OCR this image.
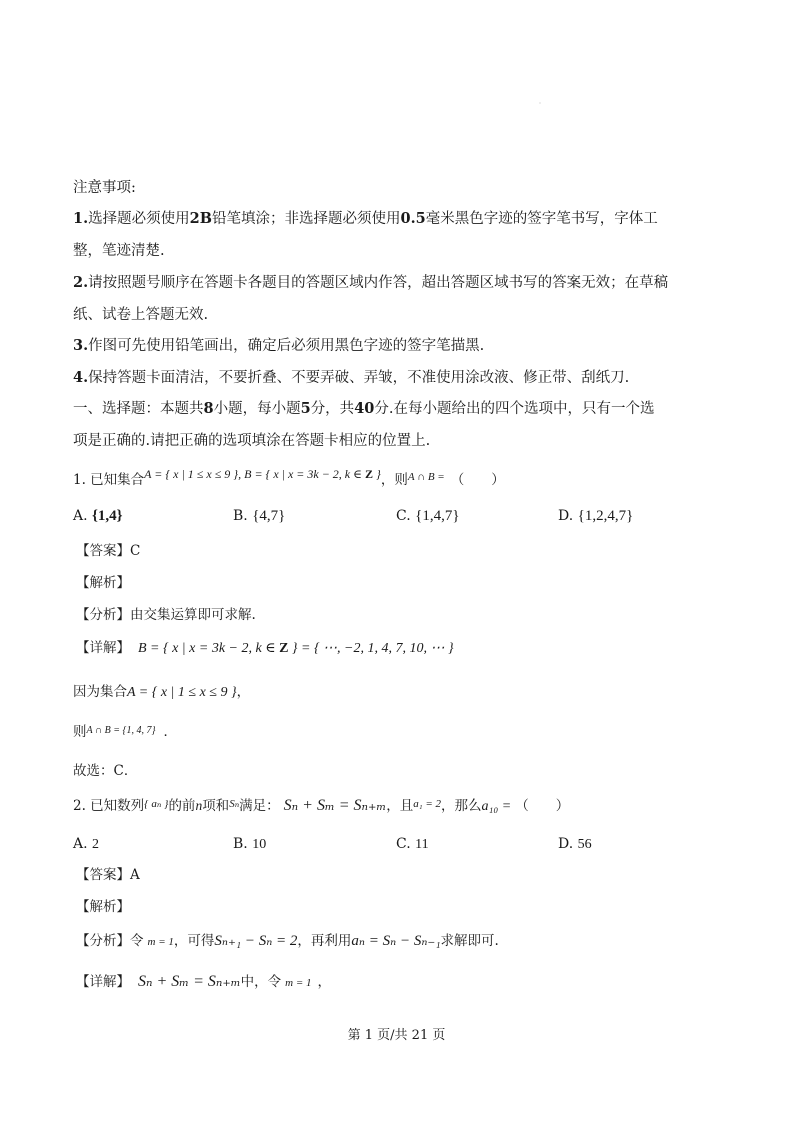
注意事项:
1.选择题必须使用2B铅笔填涂；非选择题必须使用0.5毫米黑色字迹的签字笔书写，字体工
整，笔迹清楚.
2.请按照题号顺序在答题卡各题目的答题区域内作答，超出答题区域书写的答案无效；在草稿
纸、试卷上答题无效.
3.作图可先使用铅笔画出，确定后必须用黑色字迹的签字笔描黑.
4.保持答题卡面清洁，不要折叠、不要弄破、弄皱，不准使用涂改液、修正带、刮纸刀.
一、选择题：本题共8小题，每小题5分，共40分.在每小题给出的四个选项中，只有一个选
项是正确的.请把正确的选项填涂在答题卡相应的位置上.
1. 已知集合A = { x | 1 ≤ x ≤ 9 }, B = { x | x = 3k − 2, k ∈ Z }，则$^{A \cap B =}$ （　　）
A. {1,4}	B. {4,7}	C. {1,4,7}	D. {1,2,4,7}
【答案】C
【解析】
【分析】由交集运算即可求解.
【详解】 B = { x | x = 3k − 2, k ∈ Z } = { ⋯, −2, 1, 4, 7, 10, ⋯ }
因为集合A = { x | 1 ≤ x ≤ 9 }，
则$^{A \cap B = \{1, 4, 7\}}$ ．
故选：C．
2. 已知数列$^{\{ a_n \}}$的前n项和$^{S_n}$满足： Sₙ + Sₘ = Sₙ₊ₘ，且$^{a_1 = 2}$，那么a₁₀ = （　　）
A. 2	B. 10	C. 11	D. 56
【答案】A
【解析】
【分析】令 m = 1，可得Sₙ₊₁ − Sₙ = 2，再利用aₙ = Sₙ − Sₙ₋₁求解即可.
【详解】 Sₙ + Sₘ = Sₙ₊ₘ中，令 m = 1 ，
第 1 页/共 21 页
